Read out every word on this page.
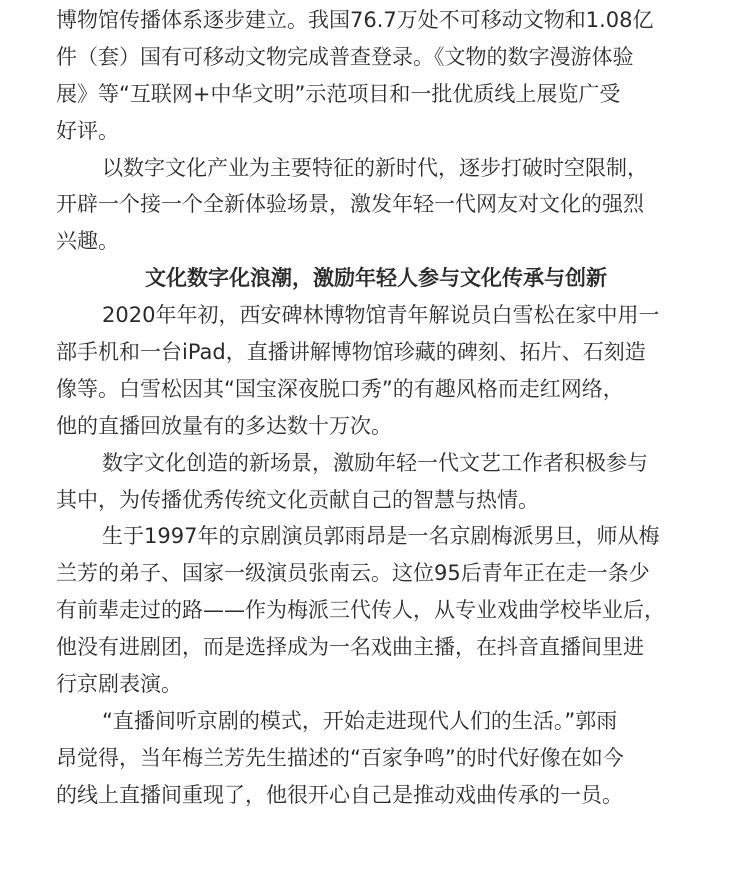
博物馆传播体系逐步建立。我国76.7万处不可移动文物和1.08亿
件（套）国有可移动文物完成普查登录。《文物的数字漫游体验
展》等“互联网+中华文明”示范项目和一批优质线上展览广受
好评。
以数字文化产业为主要特征的新时代，逐步打破时空限制，
开辟一个接一个全新体验场景，激发年轻一代网友对文化的强烈
兴趣。
文化数字化浪潮，激励年轻人参与文化传承与创新
2020年年初，西安碑林博物馆青年解说员白雪松在家中用一
部手机和一台iPad，直播讲解博物馆珍藏的碑刻、拓片、石刻造
像等。白雪松因其“国宝深夜脱口秀”的有趣风格而走红网络，
他的直播回放量有的多达数十万次。
数字文化创造的新场景，激励年轻一代文艺工作者积极参与
其中，为传播优秀传统文化贡献自己的智慧与热情。
生于1997年的京剧演员郭雨昂是一名京剧梅派男旦，师从梅
兰芳的弟子、国家一级演员张南云。这位95后青年正在走一条少
有前辈走过的路——作为梅派三代传人，从专业戏曲学校毕业后，
他没有进剧团，而是选择成为一名戏曲主播，在抖音直播间里进
行京剧表演。
“直播间听京剧的模式，开始走进现代人们的生活。”郭雨
昂觉得，当年梅兰芳先生描述的“百家争鸣”的时代好像在如今
的线上直播间重现了，他很开心自己是推动戏曲传承的一员。
